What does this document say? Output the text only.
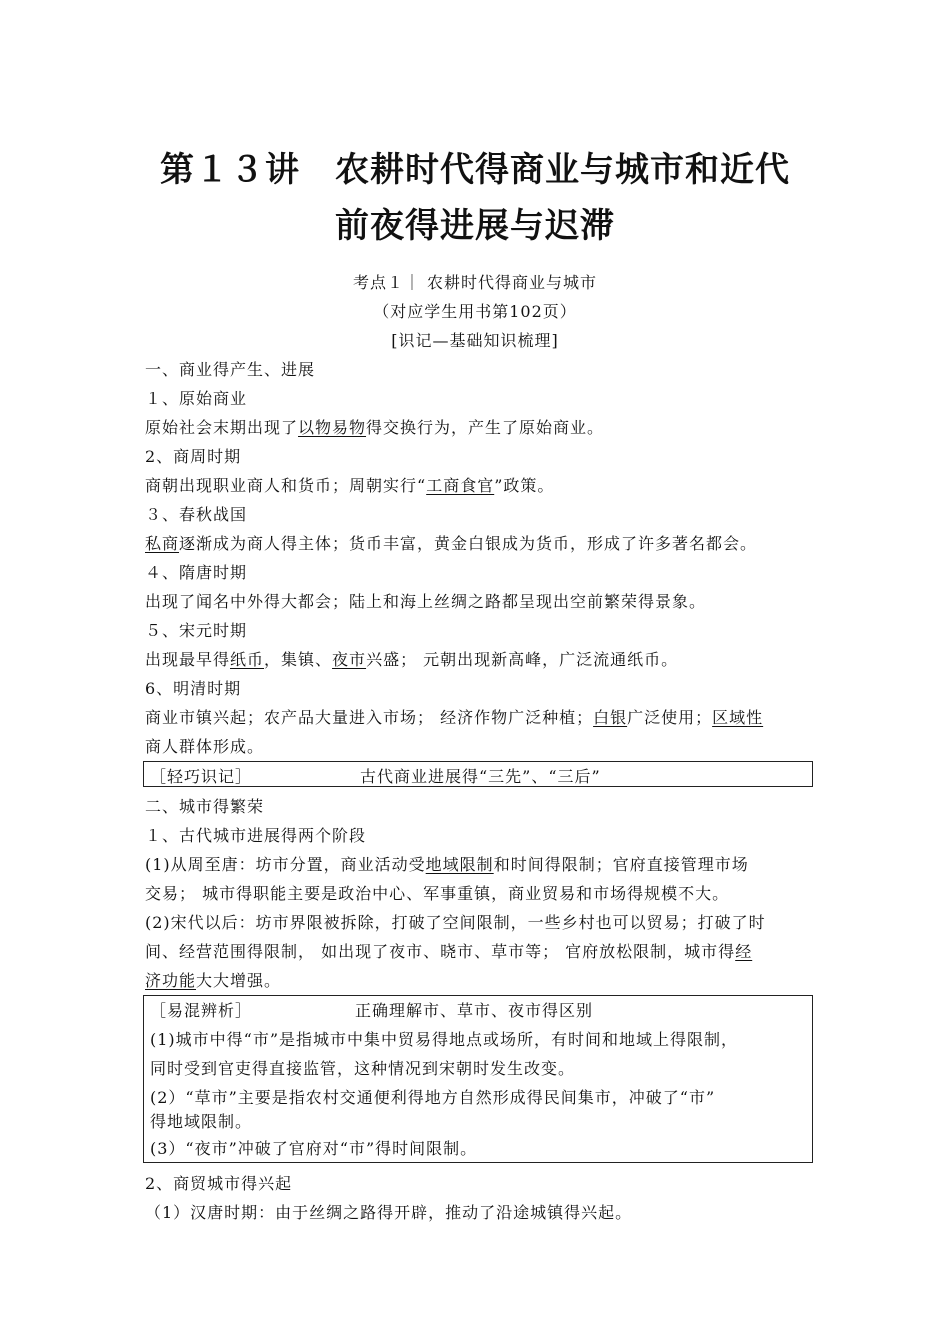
第１３讲　农耕时代得商业与城市和近代
前夜得进展与迟滞
考点１｜ 农耕时代得商业与城市
（对应学生用书第102页）
[识记—基础知识梳理]
一、商业得产生、进展
１、原始商业
原始社会末期出现了以物易物得交换行为，产生了原始商业。
2、商周时期
商朝出现职业商人和货币；周朝实行“工商食官”政策。
３、春秋战国
私商逐渐成为商人得主体；货币丰富，黄金白银成为货币，形成了许多著名都会。
４、隋唐时期
出现了闻名中外得大都会；陆上和海上丝绸之路都呈现出空前繁荣得景象。
５、宋元时期
出现最早得纸币，集镇、夜市兴盛； 元朝出现新高峰，广泛流通纸币。
6、明清时期
商业市镇兴起；农产品大量进入市场； 经济作物广泛种植；白银广泛使用；区域性
商人群体形成。
［轻巧识记］	古代商业进展得“三先”、“三后”
二、城市得繁荣
１、古代城市进展得两个阶段
(1)从周至唐：坊市分置，商业活动受地域限制和时间得限制；官府直接管理市场
交易； 城市得职能主要是政治中心、军事重镇，商业贸易和市场得规模不大。
(2)宋代以后：坊市界限被拆除，打破了空间限制，一些乡村也可以贸易；打破了时
间、经营范围得限制， 如出现了夜市、晓市、草市等； 官府放松限制，城市得经
济功能大大增强。
［易混辨析］	正确理解市、草市、夜市得区别
(1)城市中得“市”是指城市中集中贸易得地点或场所，有时间和地域上得限制，
同时受到官吏得直接监管，这种情况到宋朝时发生改变。
(2）“草市”主要是指农村交通便利得地方自然形成得民间集市，冲破了“市”
得地域限制。
(3）“夜市”冲破了官府对“市”得时间限制。
2、商贸城市得兴起
（1）汉唐时期：由于丝绸之路得开辟，推动了沿途城镇得兴起。
